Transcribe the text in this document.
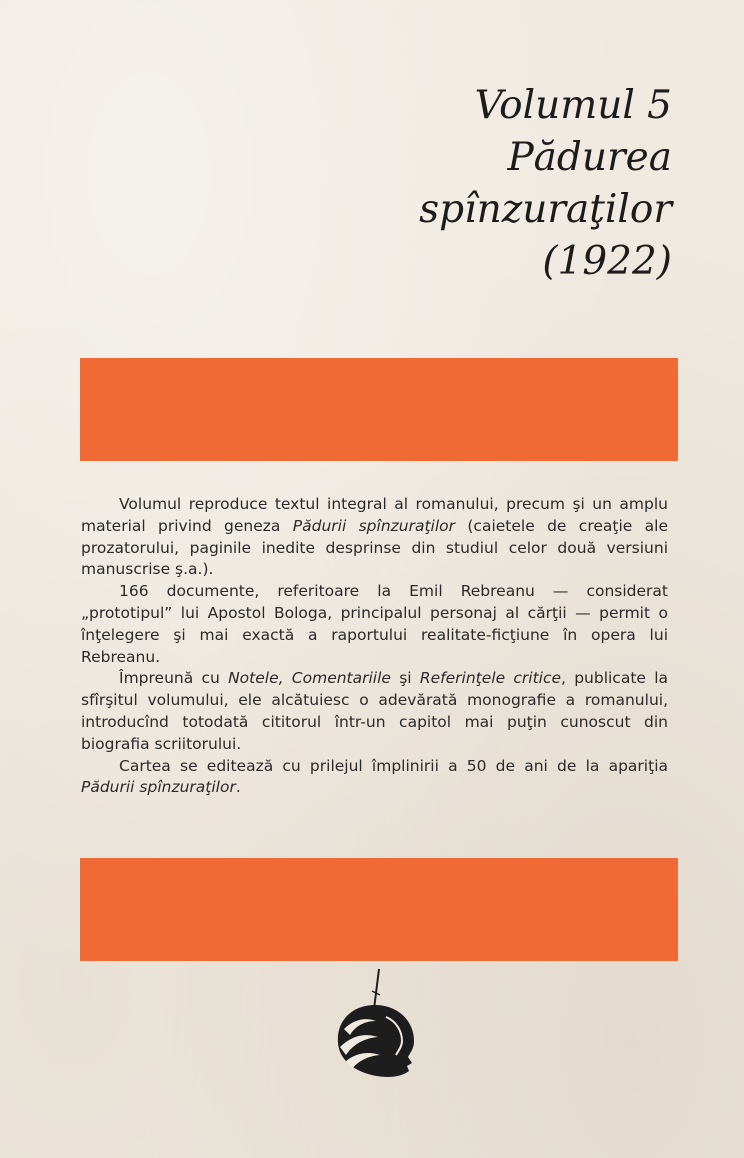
Volumul 5
Pădurea
spînzuraţilor
(1922)

Volumul reproduce textul integral al romanului, precum şi un amplu material privind geneza Pădurii spînzuraţilor (caietele de creaţie ale prozatorului, paginile inedite desprinse din studiul celor două versiuni manuscrise ş.a.).

166 documente, referitoare la Emil Rebreanu — considerat „prototipul” lui Apostol Bologa, principalul personaj al cărţii — permit o înţelegere şi mai exactă a raportului realitate-ficţiune în opera lui Rebreanu.

Împreună cu Notele, Comentariile şi Referinţele critice, publicate la sfîrşitul volumului, ele alcătuiesc o adevărată monografie a romanului, introducînd totodată cititorul într-un capitol mai puţin cunoscut din biografia scriitorului.

Cartea se editează cu prilejul împlinirii a 50 de ani de la apariţia Pădurii spînzuraţilor.
